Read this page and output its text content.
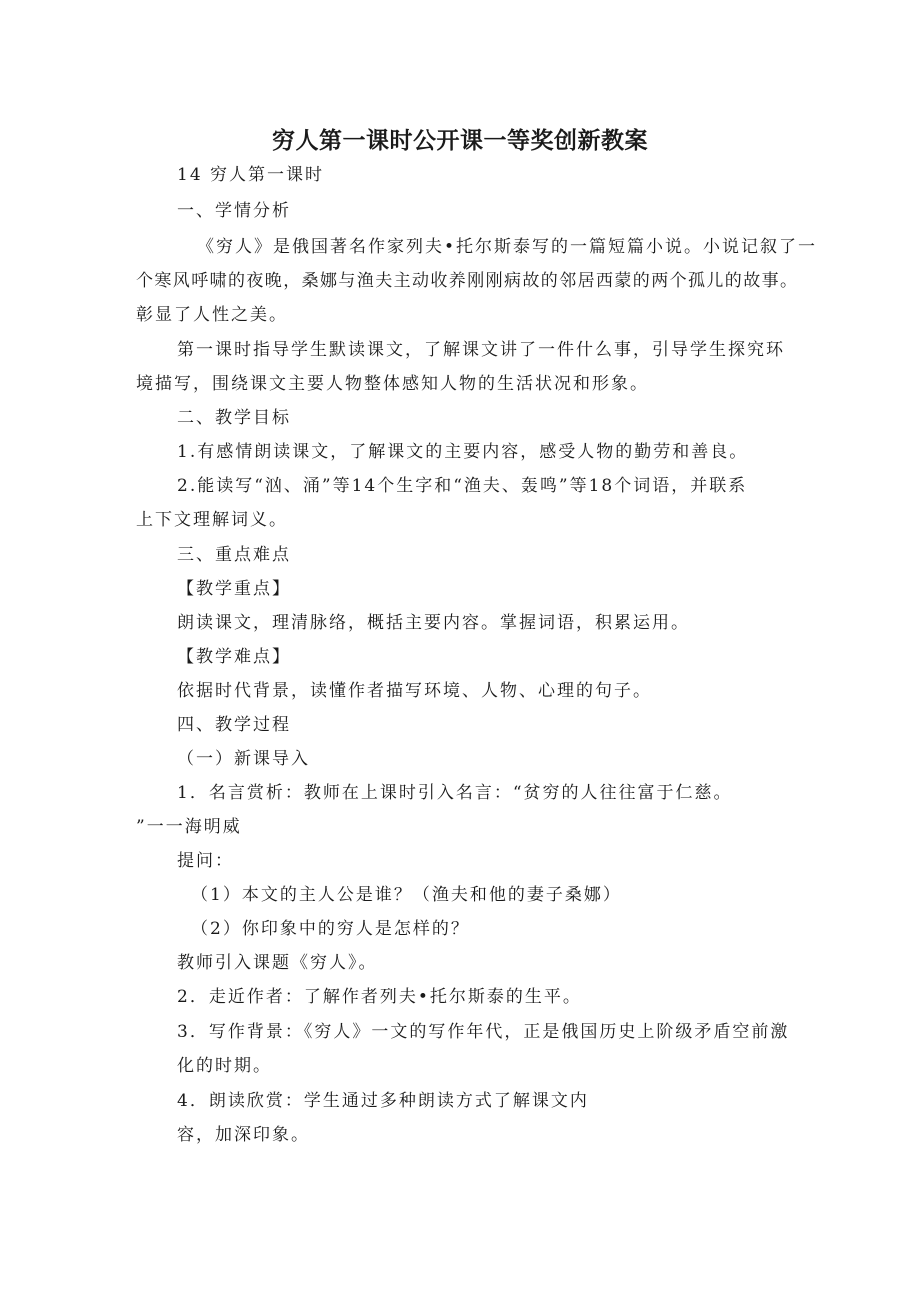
穷人第一课时公开课一等奖创新教案

14 穷人第一课时

一、学情分析

《穷人》是俄国著名作家列夫•托尔斯泰写的一篇短篇小说。小说记叙了一

个寒风呼啸的夜晚，桑娜与渔夫主动收养刚刚病故的邻居西蒙的两个孤儿的故事。

彰显了人性之美。

第一课时指导学生默读课文，了解课文讲了一件什么事，引导学生探究环

境描写，围绕课文主要人物整体感知人物的生活状况和形象。

二、教学目标

1.有感情朗读课文，了解课文的主要内容，感受人物的勤劳和善良。

2.能读写“汹、涌”等14个生字和“渔夫、轰鸣”等18个词语，并联系

上下文理解词义。

三、重点难点

【教学重点】

朗读课文，理清脉络，概括主要内容。掌握词语，积累运用。

【教学难点】

依据时代背景，读懂作者描写环境、人物、心理的句子。

四、教学过程

（一）新课导入

1．名言赏析：教师在上课时引入名言：“贫穷的人往往富于仁慈。

”一一海明威

提问：

（1）本文的主人公是谁？（渔夫和他的妻子桑娜）

（2）你印象中的穷人是怎样的？

教师引入课题《穷人》。

2．走近作者：了解作者列夫•托尔斯泰的生平。

3．写作背景：《穷人》一文的写作年代，正是俄国历史上阶级矛盾空前激

化的时期。

4．朗读欣赏：学生通过多种朗读方式了解课文内

容，加深印象。
